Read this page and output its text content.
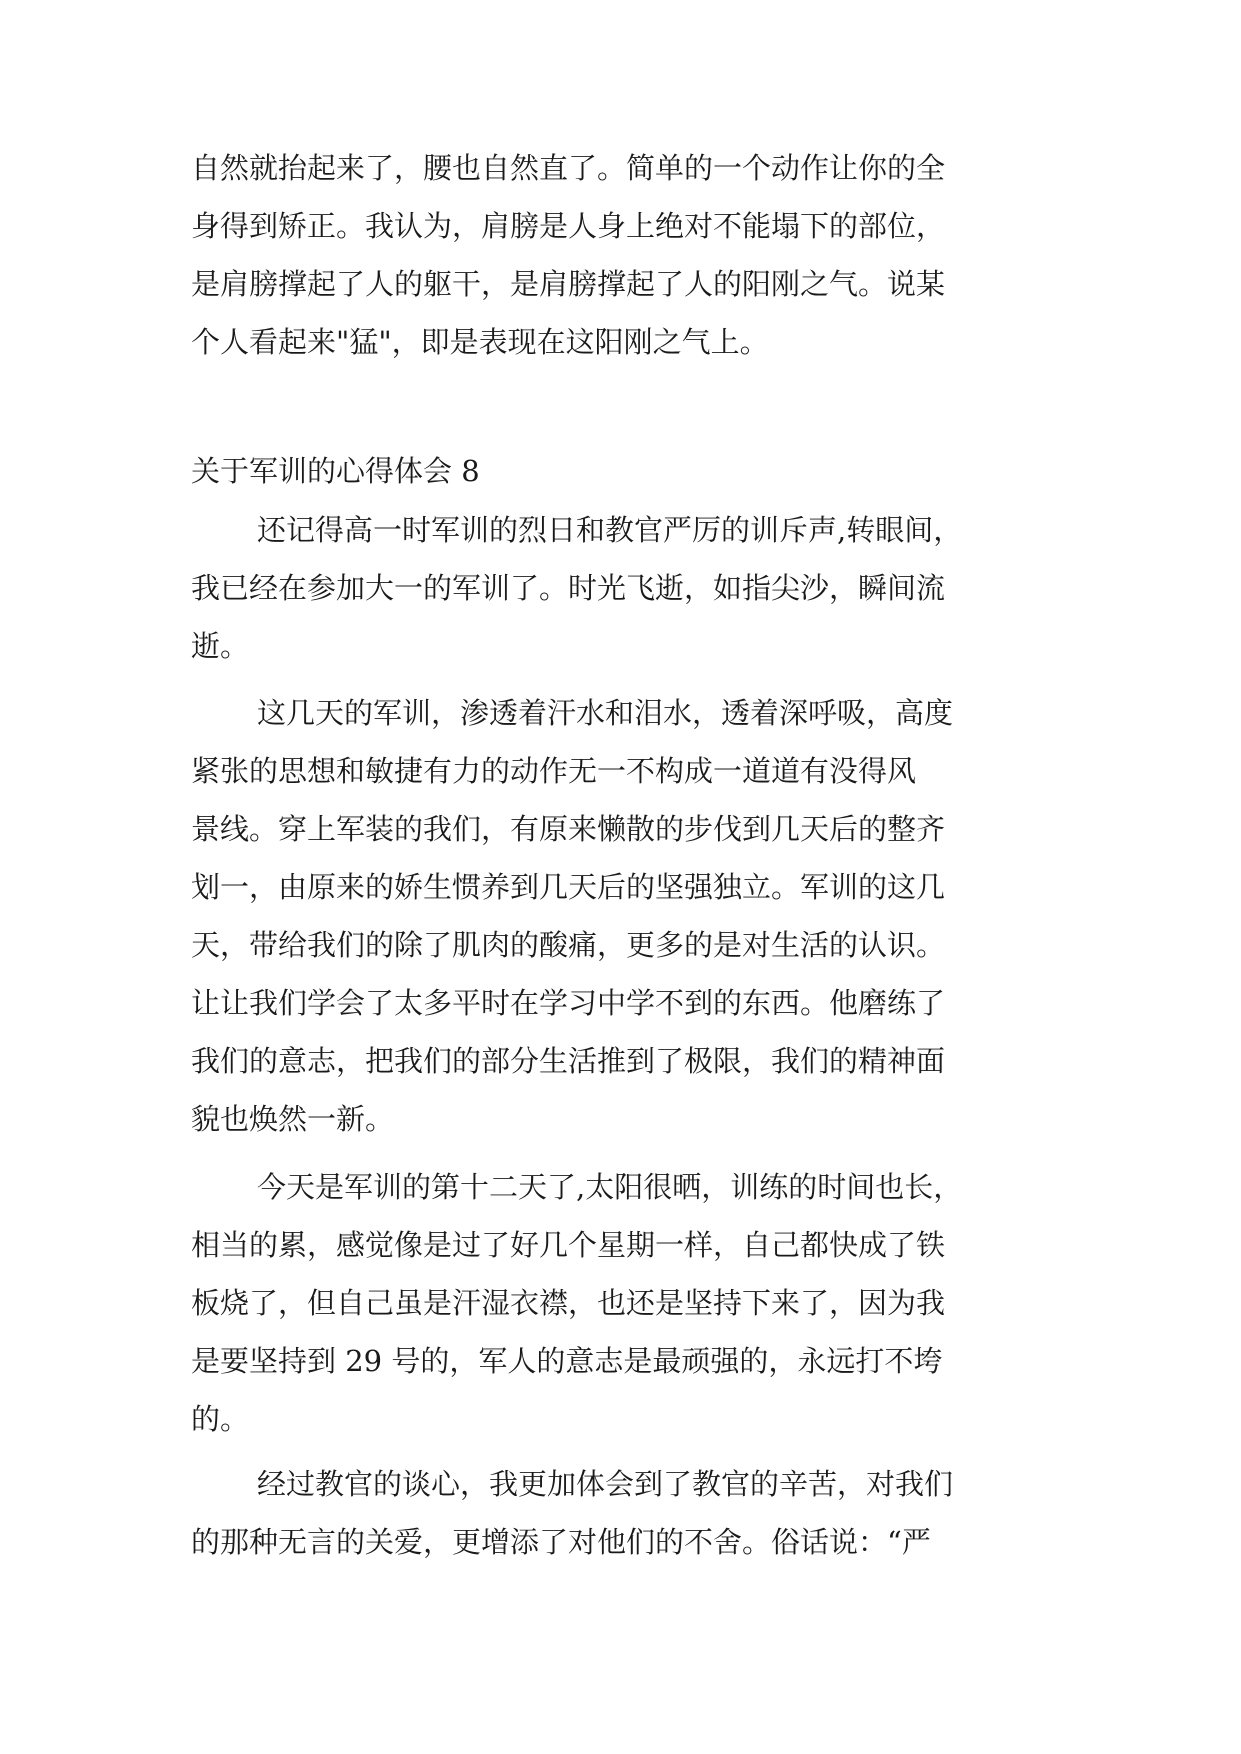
自然就抬起来了，腰也自然直了。简单的一个动作让你的全
身得到矫正。我认为，肩膀是人身上绝对不能塌下的部位，
是肩膀撑起了人的躯干，是肩膀撑起了人的阳刚之气。说某
个人看起来"猛"，即是表现在这阳刚之气上。
关于军训的心得体会 8
还记得高一时军训的烈日和教官严厉的训斥声,转眼间，
我已经在参加大一的军训了。时光飞逝，如指尖沙，瞬间流
逝。
这几天的军训，渗透着汗水和泪水，透着深呼吸，高度
紧张的思想和敏捷有力的动作无一不构成一道道有没得风
景线。穿上军装的我们，有原来懒散的步伐到几天后的整齐
划一，由原来的娇生惯养到几天后的坚强独立。军训的这几
天，带给我们的除了肌肉的酸痛，更多的是对生活的认识。
让让我们学会了太多平时在学习中学不到的东西。他磨练了
我们的意志，把我们的部分生活推到了极限，我们的精神面
貌也焕然一新。
今天是军训的第十二天了,太阳很晒，训练的时间也长，
相当的累，感觉像是过了好几个星期一样，自己都快成了铁
板烧了，但自己虽是汗湿衣襟，也还是坚持下来了，因为我
是要坚持到 29 号的，军人的意志是最顽强的，永远打不垮
的。
经过教官的谈心，我更加体会到了教官的辛苦，对我们
的那种无言的关爱，更增添了对他们的不舍。俗话说：“严
